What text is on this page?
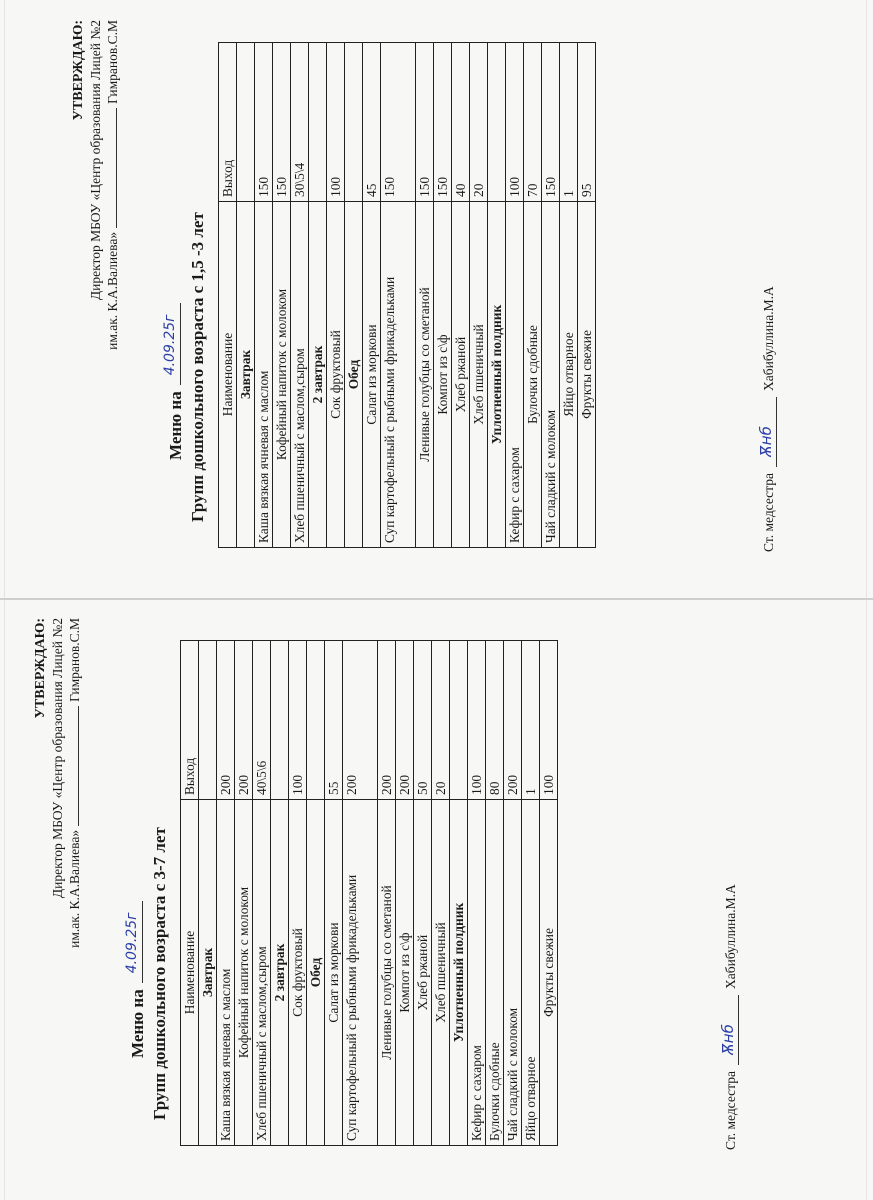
УТВЕРЖДАЮ: Директор МБОУ «Центр образования Лицей №2 им.ак. К.А.Валиева»Гимранов.С.М
Меню на
4.09.25г Групп дошкольного возраста с 1,5 -3 лет Наименование	Выход
Завтрак	
Каша вязкая ячневая с маслом	150
Кофейный напиток с молоком	150
Хлеб пшеничный с маслом,сыром	30\5\4
2 завтрак	
Сок фруктовый	100
Обед	
Салат из моркови	45
Суп картофельный с рыбными фрикадельками	150
Ленивые голубцы со сметаной	150
Компот из с\ф	150
Хлеб ржаной	40
Хлеб пшеничный	20
Уплотненный полдник	
Кефир с сахаром	100
Булочки сдобные	70
Чай сладкий с молоком	150
Яйцо отварное	1
Фрукты свежие	95
Ст. медсестра
Ѫнб
Хабибуллина.М.А
УТВЕРЖДАЮ: Директор МБОУ «Центр образования Лицей №2 им.ак. К.А.Валиева»Гимранов.С.М
Меню на
4.09.25г Групп дошкольного возраста с 3-7 лет Наименование	Выход
Завтрак	
Каша вязкая ячневая с маслом	200
Кофейный напиток с молоком	200
Хлеб пшеничный с маслом,сыром	40\5\6
2 завтрак	
Сок фруктовый	100
Обед	
Салат из моркови	55
Суп картофельный с рыбными фрикадельками	200
Ленивые голубцы со сметаной	200
Компот из с\ф	200
Хлеб ржаной	50
Хлеб пшеничный	20
Уплотненный полдник	
Кефир с сахаром	100
Булочки сдобные	80
Чай сладкий с молоком	200
Яйцо отварное	1
Фрукты свежие	100
Ст. медсестра
Ѫнб
Хабибуллина.М.А
